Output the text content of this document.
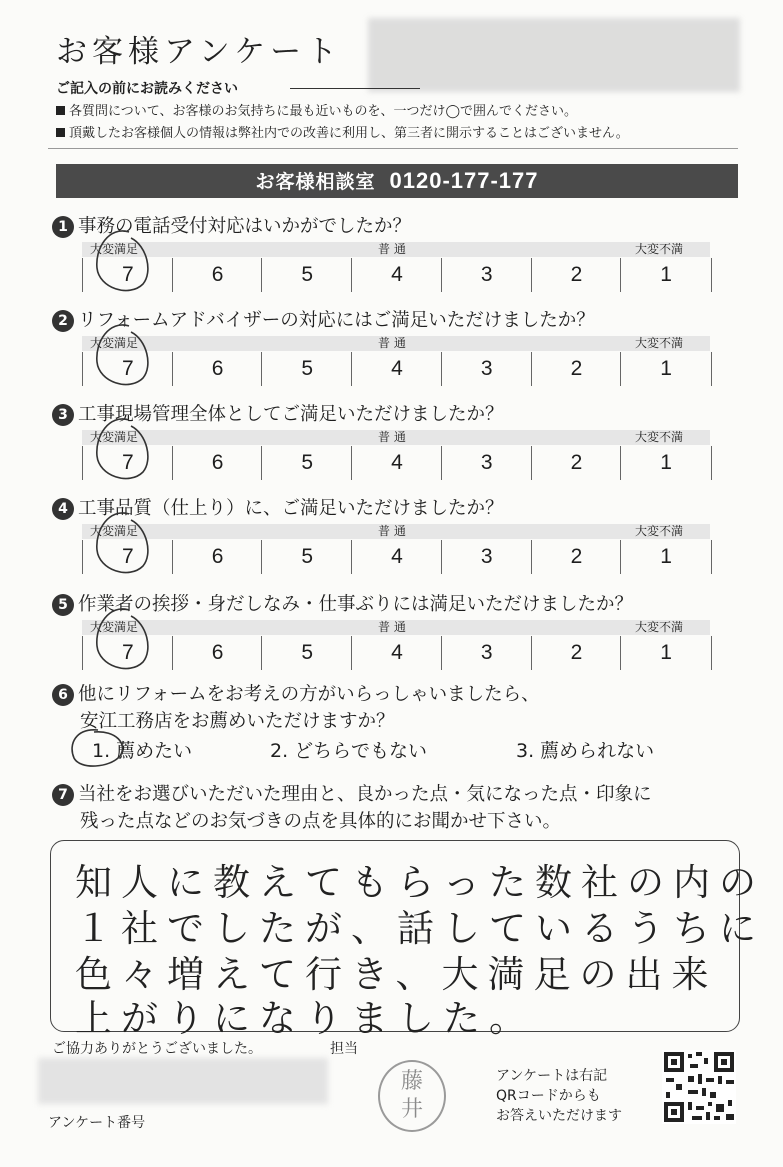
お客様アンケート
ご記入の前にお読みください
各質問について、お客様のお気持ちに最も近いものを、一つだけ◯で囲んでください。
頂戴したお客様個人の情報は弊社内での改善に利用し、第三者に開示することはございません。
お客様相談室 0120-177-177
1 事務の電話受付対応はいかがでしたか？
大変満足	普 通	大変不満
7	6	5	4	3	2	1
2 リフォームアドバイザーの対応にはご満足いただけましたか？
大変満足	普 通	大変不満
7	6	5	4	3	2	1
3 工事現場管理全体としてご満足いただけましたか？
大変満足	普 通	大変不満
7	6	5	4	3	2	1
4 工事品質（仕上り）に、ご満足いただけましたか？
大変満足	普 通	大変不満
7	6	5	4	3	2	1
5 作業者の挨拶・身だしなみ・仕事ぶりには満足いただけましたか？
大変満足	普 通	大変不満
7	6	5	4	3	2	1
6 他にリフォームをお考えの方がいらっしゃいましたら、
安江工務店をお薦めいただけますか？
1. 薦めたい	2. どちらでもない	3. 薦められない
7 当社をお選びいただいた理由と、良かった点・気になった点・印象に
残った点などのお気づきの点を具体的にお聞かせ下さい。
知人に教えてもらった数社の内の
１社でしたが、話しているうちに
色々増えて行き、大満足の出来
上がりになりました。
ご協力ありがとうございました。	担当
アンケート番号
藤
井
アンケートは右記
QRコードからも
お答えいただけます
